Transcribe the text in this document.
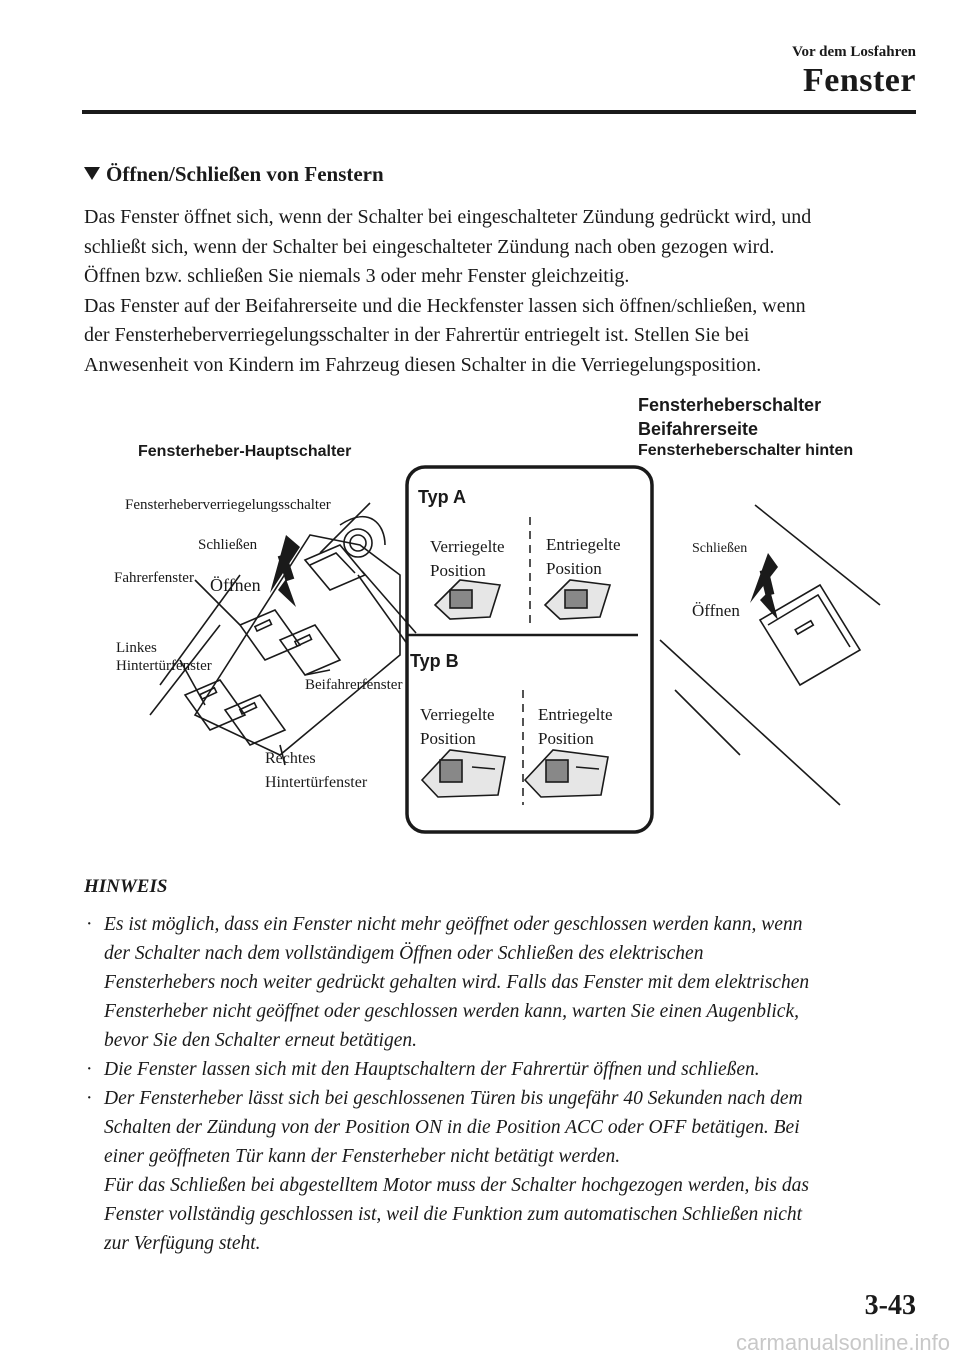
Vor dem Losfahren
Fenster
Öffnen/Schließen von Fenstern

Das Fenster öffnet sich, wenn der Schalter bei eingeschalteter Zündung gedrückt wird, und

schließt sich, wenn der Schalter bei eingeschalteter Zündung nach oben gezogen wird.

Öffnen bzw. schließen Sie niemals 3 oder mehr Fenster gleichzeitig.

Das Fenster auf der Beifahrerseite und die Heckfenster lassen sich öffnen/schließen, wenn

der Fensterheberverriegelungsschalter in der Fahrertür entriegelt ist. Stellen Sie bei

Anwesenheit von Kindern im Fahrzeug diesen Schalter in die Verriegelungsposition.

Fensterheber-Hauptschalter
Fensterheberschalter
Beifahrerseite
Fensterheberschalter hinten
Fensterheberverriegelungsschalter
Schließen
Öffnen
Fahrerfenster
Linkes
Hintertürfenster
Beifahrerfenster
Rechtes
Hintertürfenster
Typ A
Verriegelte
Position
Entriegelte
Position
Typ B
Verriegelte
Position
Entriegelte
Position
Schließen
Öffnen
HINWEIS
· Es ist möglich, dass ein Fenster nicht mehr geöffnet oder geschlossen werden kann, wenn

der Schalter nach dem vollständigem Öffnen oder Schließen des elektrischen

Fensterhebers noch weiter gedrückt gehalten wird. Falls das Fenster mit dem elektrischen

Fensterheber nicht geöffnet oder geschlossen werden kann, warten Sie einen Augenblick,

bevor Sie den Schalter erneut betätigen.

· Die Fenster lassen sich mit den Hauptschaltern der Fahrertür öffnen und schließen.

· Der Fensterheber lässt sich bei geschlossenen Türen bis ungefähr 40 Sekunden nach dem

Schalten der Zündung von der Position ON in die Position ACC oder OFF betätigen. Bei

einer geöffneten Tür kann der Fensterheber nicht betätigt werden.

Für das Schließen bei abgestelltem Motor muss der Schalter hochgezogen werden, bis das

Fenster vollständig geschlossen ist, weil die Funktion zum automatischen Schließen nicht

zur Verfügung steht.

3-43
carmanualsonline.info
